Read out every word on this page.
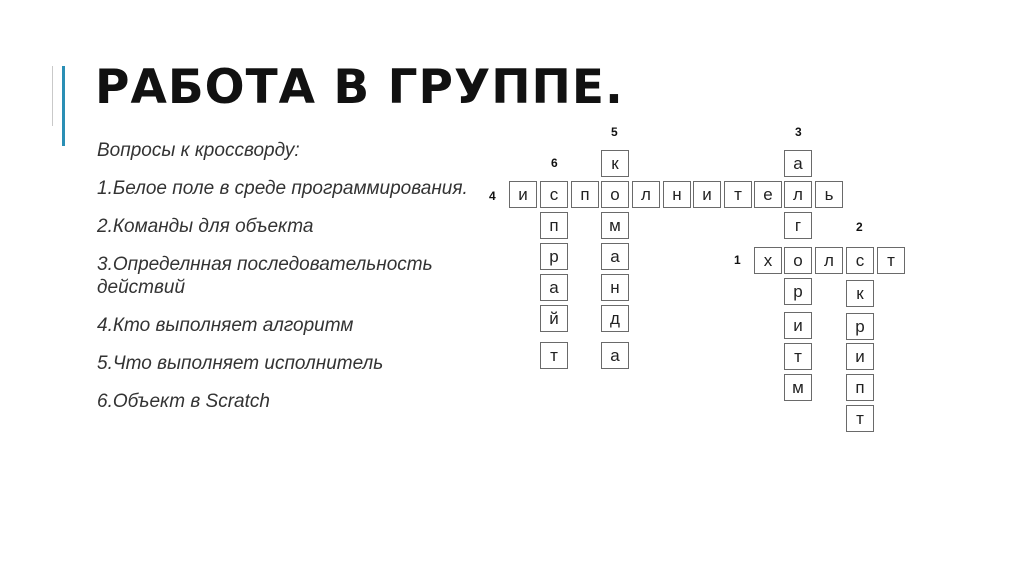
РАБОТА В ГРУППЕ.

Вопросы к кроссворду:

1.Белое поле в среде программирования.

2.Команды для объекта

3.Определнная последовательность действий

4.Кто выполняет алгоритм

5.Что выполняет исполнитель

6.Объект в Scratch

4
6
5	3
2
1
к	а
и	с	п	о	л	н	и	т	е	л	ь
п
р
а
й
т
м
а
н
д
а
г
о
р
и
т
м
х	л	с	т
к
р
и
п
т
